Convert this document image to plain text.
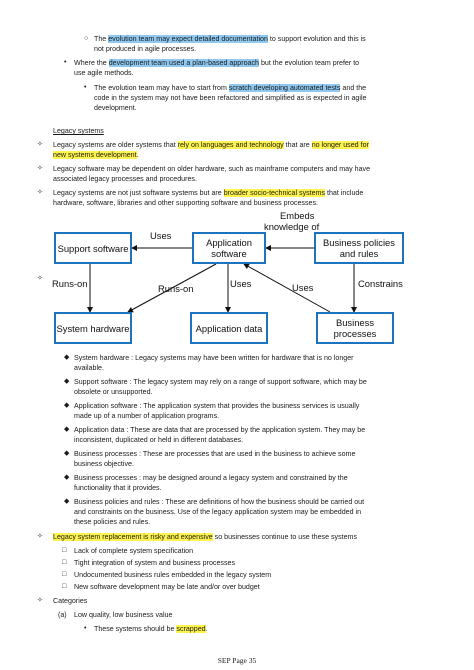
○ The evolution team may expect detailed documentation to support evolution and this is
not produced in agile processes.
• Where the development team used a plan-based approach but the evolution team prefer to
use agile methods.
• The evolution team may have to start from scratch developing automated tests and the
code in the system may not have been refactored and simplified as is expected in agile
development.
Legacy systems
✧ Legacy systems are older systems that rely on languages and technology that are no longer used for
new systems development.
✧ Legacy software may be dependent on older hardware, such as mainframe computers and may have
associated legacy processes and procedures.
✧ Legacy systems are not just software systems but are broader socio-technical systems that include
hardware, software, libraries and other supporting software and business processes.
✧
Support software	Application software
Business policies and rules
System hardware	Application data	Business processes
Embeds
knowledge of
Uses
Runs-on	Runs-on	Uses	Uses	Constrains
◆ System hardware : Legacy systems may have been written for hardware that is no longer
available.
◆ Support software : The legacy system may rely on a range of support software, which may be
obsolete or unsupported.
◆ Application software : The application system that provides the business services is usually
made up of a number of application programs.
◆ Application data : These are data that are processed by the application system. They may be
inconsistent, duplicated or held in different databases.
◆ Business processes : These are processes that are used in the business to achieve some
business objective.
◆ Business processes : may be designed around a legacy system and constrained by the
functionality that it provides.
◆ Business policies and rules : These are definitions of how the business should be carried out
and constraints on the business. Use of the legacy application system may be embedded in
these policies and rules.
✧ Legacy system replacement is risky and expensive so businesses continue to use these systems
□ Lack of complete system specification
□ Tight integration of system and business processes
□ Undocumented business rules embedded in the legacy system
□ New software development may be late and/or over budget
✧ Categories
(a) Low quality, low business value
• These systems should be scrapped.
SEP Page 35
